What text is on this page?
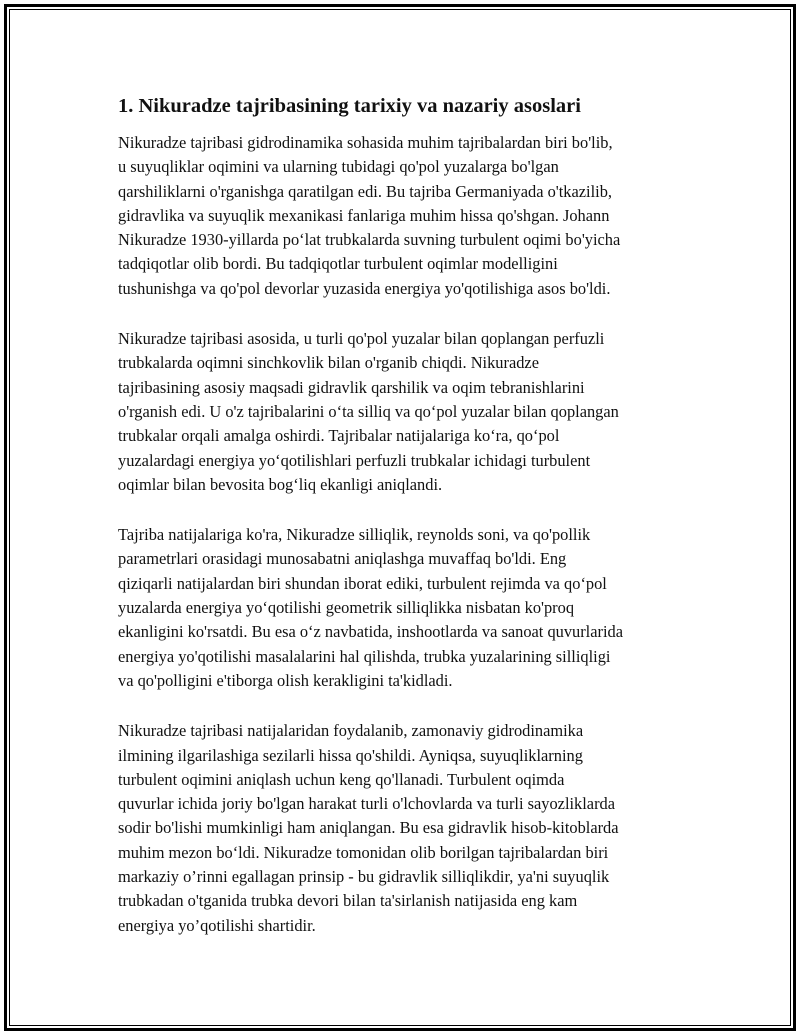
1. Nikuradze tajribasining tarixiy va nazariy asoslari

Nikuradze tajribasi gidrodinamika sohasida muhim tajribalardan biri bo'lib,
u suyuqliklar oqimini va ularning tubidagi qo'pol yuzalarga bo'lgan
qarshiliklarni o'rganishga qaratilgan edi. Bu tajriba Germaniyada o'tkazilib,
gidravlika va suyuqlik mexanikasi fanlariga muhim hissa qo'shgan. Johann
Nikuradze 1930-yillarda po‘lat trubkalarda suvning turbulent oqimi bo'yicha
tadqiqotlar olib bordi. Bu tadqiqotlar turbulent oqimlar modelligini
tushunishga va qo'pol devorlar yuzasida energiya yo'qotilishiga asos bo'ldi.

Nikuradze tajribasi asosida, u turli qo'pol yuzalar bilan qoplangan perfuzli
trubkalarda oqimni sinchkovlik bilan o'rganib chiqdi. Nikuradze
tajribasining asosiy maqsadi gidravlik qarshilik va oqim tebranishlarini
o'rganish edi. U o'z tajribalarini o‘ta silliq va qo‘pol yuzalar bilan qoplangan
trubkalar orqali amalga oshirdi. Tajribalar natijalariga ko‘ra, qo‘pol
yuzalardagi energiya yo‘qotilishlari perfuzli trubkalar ichidagi turbulent
oqimlar bilan bevosita bog‘liq ekanligi aniqlandi.

Tajriba natijalariga ko'ra, Nikuradze silliqlik, reynolds soni, va qo'pollik
parametrlari orasidagi munosabatni aniqlashga muvaffaq bo'ldi. Eng
qiziqarli natijalardan biri shundan iborat ediki, turbulent rejimda va qo‘pol
yuzalarda energiya yo‘qotilishi geometrik silliqlikka nisbatan ko'proq
ekanligini ko'rsatdi. Bu esa o‘z navbatida, inshootlarda va sanoat quvurlarida
energiya yo'qotilishi masalalarini hal qilishda, trubka yuzalarining silliqligi
va qo'polligini e'tiborga olish kerakligini ta'kidladi.

Nikuradze tajribasi natijalaridan foydalanib, zamonaviy gidrodinamika
ilmining ilgarilashiga sezilarli hissa qo'shildi. Ayniqsa, suyuqliklarning
turbulent oqimini aniqlash uchun keng qo'llanadi. Turbulent oqimda
quvurlar ichida joriy bo'lgan harakat turli o'lchovlarda va turli sayozliklarda
sodir bo'lishi mumkinligi ham aniqlangan. Bu esa gidravlik hisob-kitoblarda
muhim mezon bo‘ldi. Nikuradze tomonidan olib borilgan tajribalardan biri
markaziy o’rinni egallagan prinsip - bu gidravlik silliqlikdir, ya'ni suyuqlik
trubkadan o'tganida trubka devori bilan ta'sirlanish natijasida eng kam
energiya yo’qotilishi shartidir.
